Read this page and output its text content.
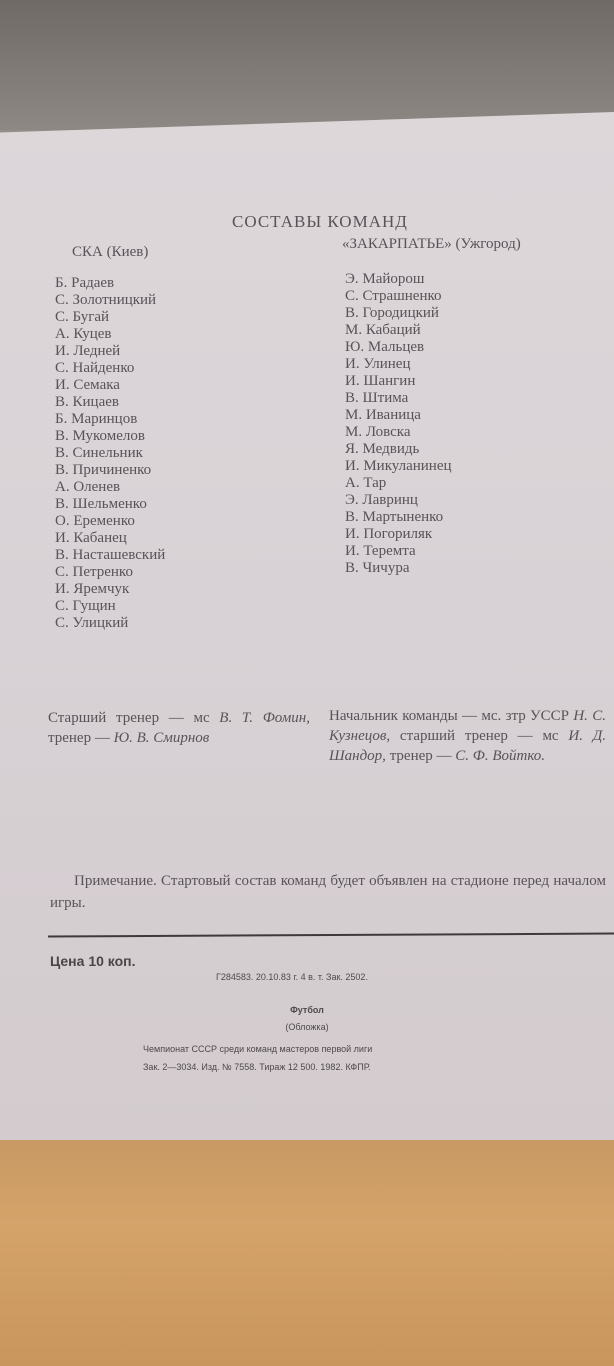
СОСТАВЫ КОМАНД
СКА (Киев)	«ЗАКАРПАТЬЕ» (Ужгород)
Б. Радаев
С. Золотницкий
С. Бугай
А. Куцев
И. Ледней
С. Найденко
И. Семака
В. Кицаев
Б. Маринцов
В. Мукомелов
В. Синельник
В. Причиненко
А. Оленев
В. Шельменко
О. Еременко
И. Кабанец
В. Насташевский
С. Петренко
И. Яремчук
С. Гущин
С. Улицкий
Э. Майорош
С. Страшненко
В. Городицкий
М. Кабаций
Ю. Мальцев
И. Улинец
И. Шангин
В. Штима
М. Иваница
М. Ловска
Я. Медвидь
И. Микуланинец
А. Тар
Э. Лавринц
В. Мартыненко
И. Погориляк
И. Теремта
В. Чичура
Старший тренер — мс В. Т. Фомин, тренер — Ю. В. Смирнов
Начальник команды — мс. зтр УССР Н. С. Кузнецов, старший тренер — мс И. Д. Шандор, тренер — С. Ф. Войтко.
Примечание. Стартовый состав команд будет объявлен на стадионе перед началом игры.
Цена 10 коп.
Г284583. 20.10.83 г. 4 в. т. Зак. 2502.
Футбол
(Обложка)
Чемпионат СССР среди команд мастеров первой лиги
Зак. 2—3034. Изд. № 7558. Тираж 12 500. 1982. КФПР.
